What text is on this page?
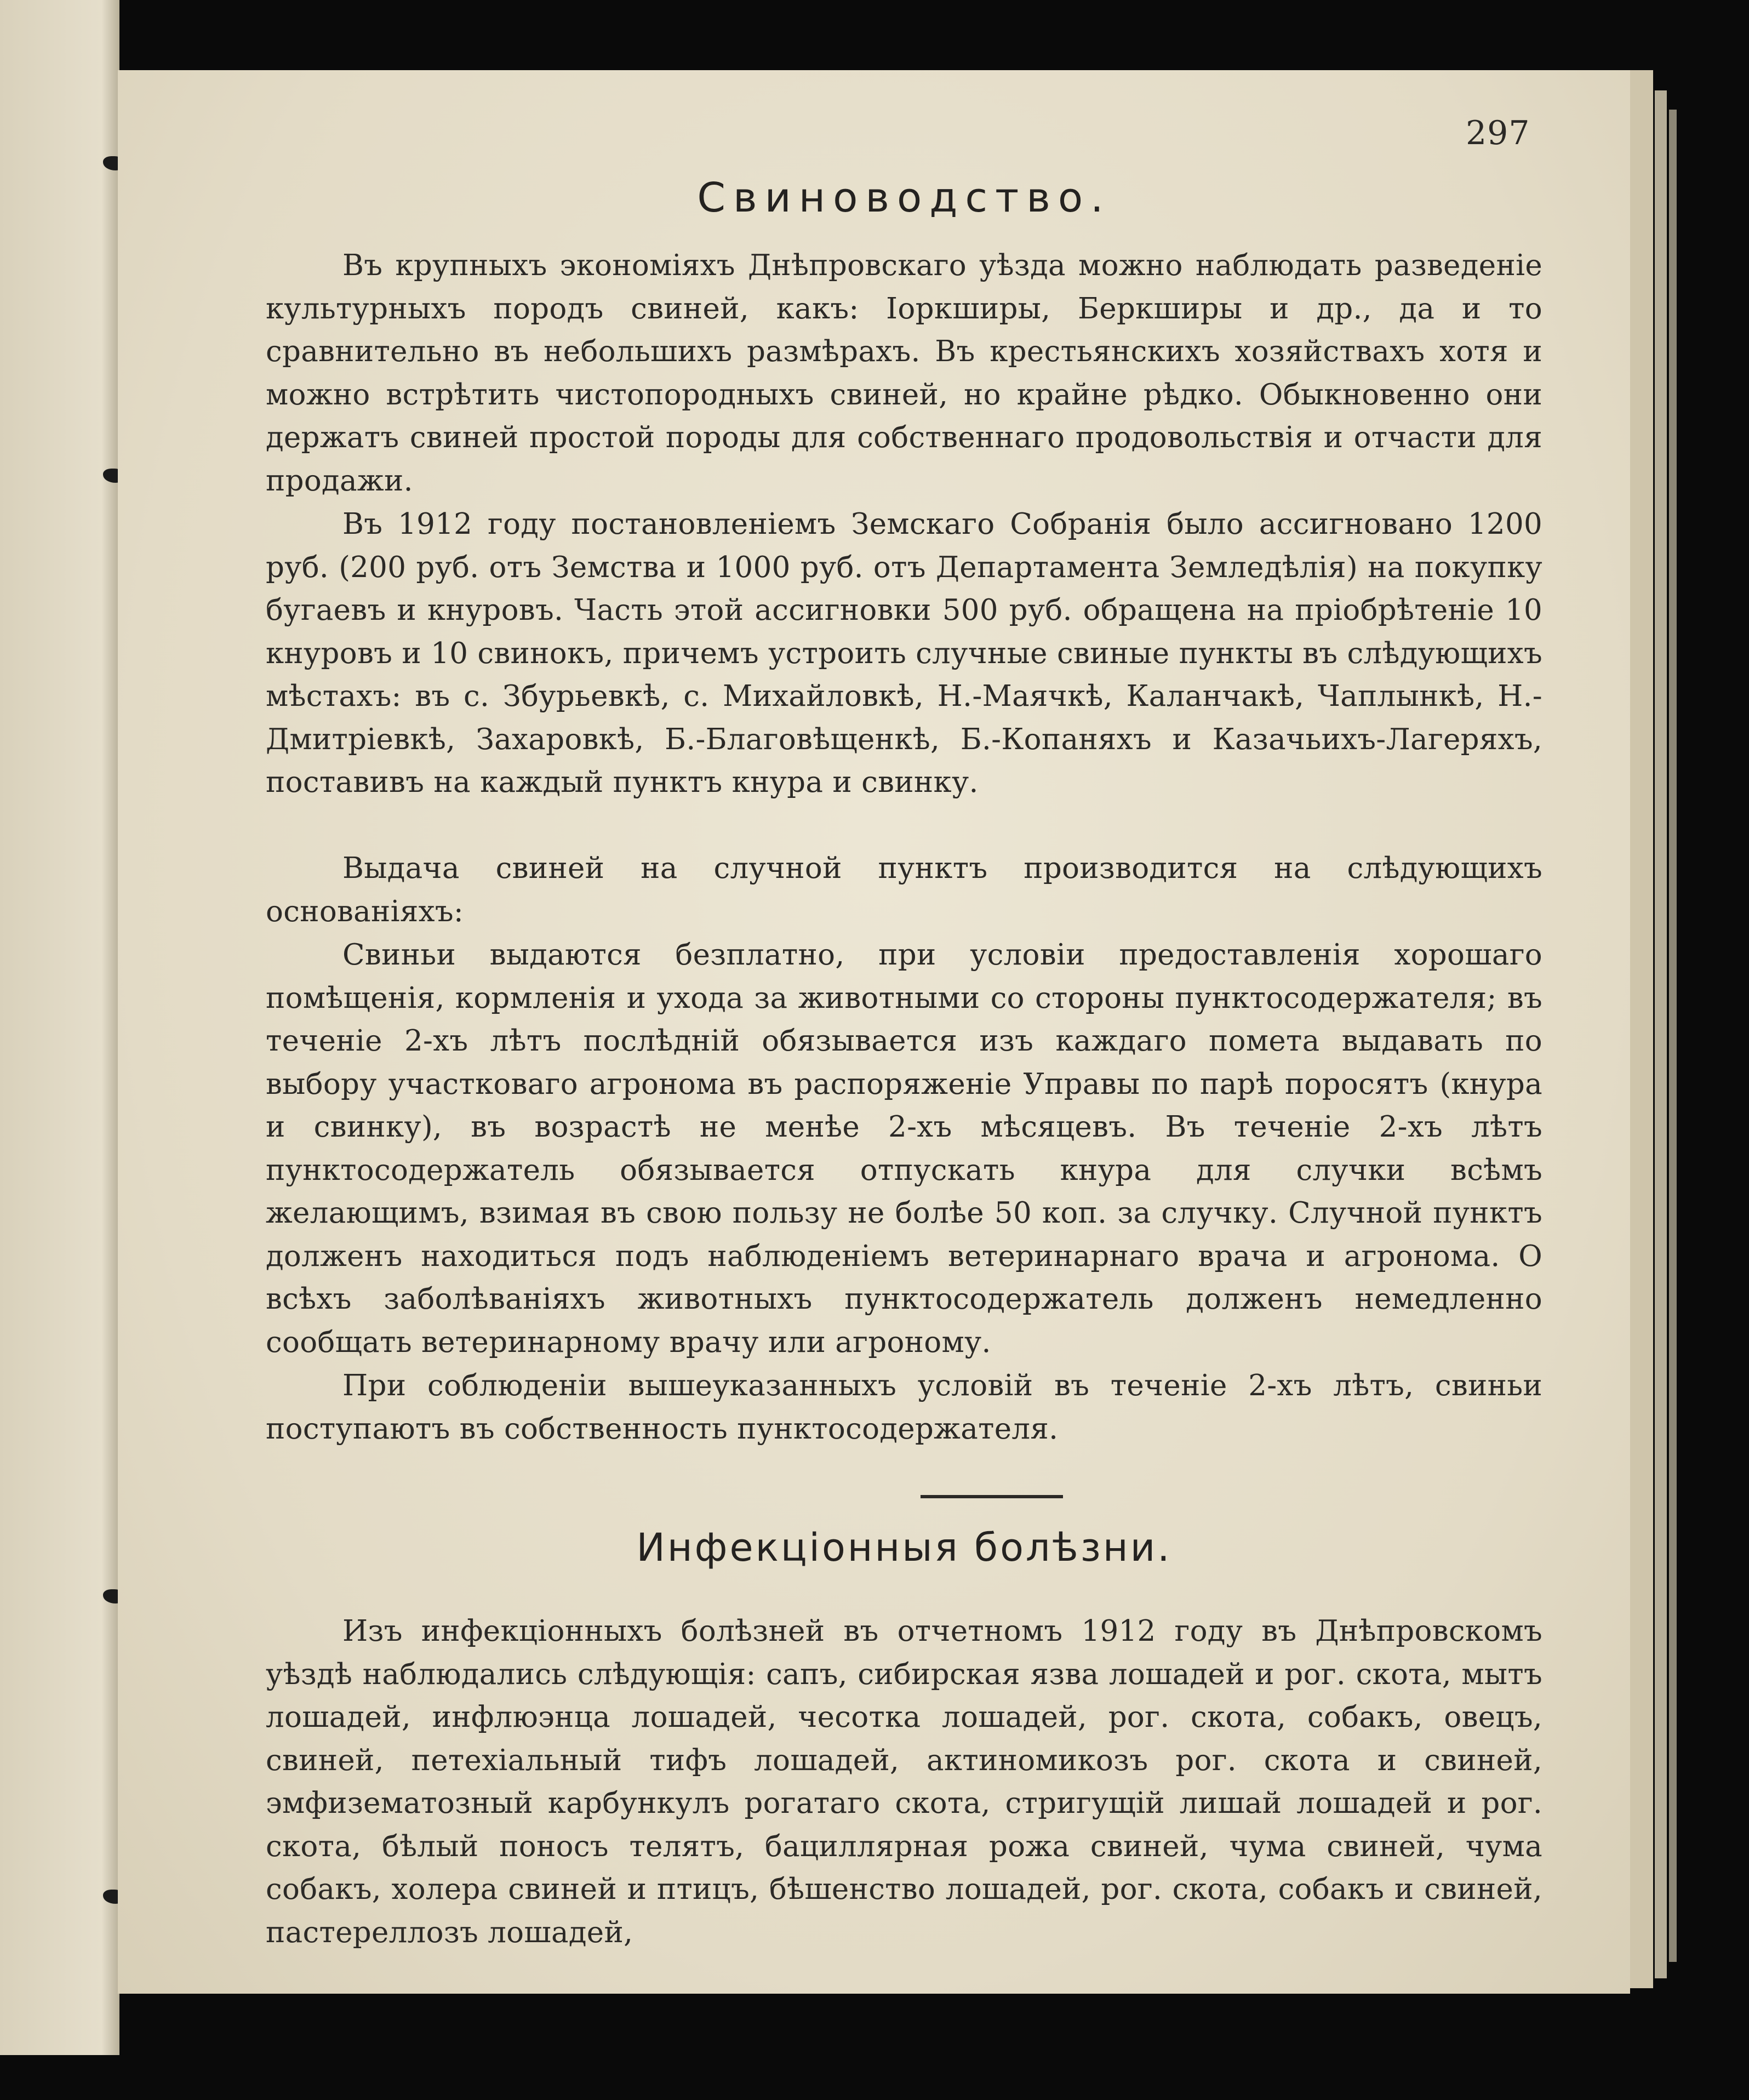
297

Свиноводство.

Въ крупныхъ экономіяхъ Днѣпровскаго уѣзда можно наблюдать разведеніе культурныхъ породъ свиней, какъ: Іоркширы, Беркширы и др., да и то сравнительно въ небольшихъ размѣрахъ. Въ крестьянскихъ хозяйствахъ хотя и можно встрѣтить чистопородныхъ свиней, но крайне рѣдко. Обыкновенно они держатъ свиней простой породы для собственнаго продовольствія и отчасти для продажи.

Въ 1912 году постановленіемъ Земскаго Собранія было ассигновано 1200 руб. (200 руб. отъ Земства и 1000 руб. отъ Департамента Земледѣлія) на покупку бугаевъ и кнуровъ. Часть этой ассигновки 500 руб. обращена на пріобрѣтеніе 10 кнуровъ и 10 свинокъ, причемъ устроить случные свиные пункты въ слѣдующихъ мѣстахъ: въ с. Збурьевкѣ, с. Михайловкѣ, Н.-Маячкѣ, Каланчакѣ, Чаплынкѣ, Н.-Дмитріевкѣ, Захаровкѣ, Б.-Благовѣщенкѣ, Б.-Копаняхъ и Казачьихъ-Лагеряхъ, поставивъ на каждый пунктъ кнура и свинку.

Выдача свиней на случной пунктъ производится на слѣдующихъ основаніяхъ:

Свиньи выдаются безплатно, при условіи предоставленія хорошаго помѣщенія, кормленія и ухода за животными со стороны пунктосодержателя; въ теченіе 2-хъ лѣтъ послѣдній обязывается изъ каждаго помета выдавать по выбору участковаго агронома въ распоряженіе Управы по парѣ поросятъ (кнура и свинку), въ возрастѣ не менѣе 2-хъ мѣсяцевъ. Въ теченіе 2-хъ лѣтъ пунктосодержатель обязывается отпускать кнура для случки всѣмъ желающимъ, взимая въ свою пользу не болѣе 50 коп. за случку. Случной пунктъ долженъ находиться подъ наблюденіемъ ветеринарнаго врача и агронома. О всѣхъ заболѣваніяхъ животныхъ пунктосодержатель долженъ немедленно сообщать ветеринарному врачу или агроному.

При соблюденіи вышеуказанныхъ условій въ теченіе 2-хъ лѣтъ, свиньи поступаютъ въ собственность пунктосодержателя.

Инфекціонныя болѣзни.

Изъ инфекціонныхъ болѣзней въ отчетномъ 1912 году въ Днѣпровскомъ уѣздѣ наблюдались слѣдующія: сапъ, сибирская язва лошадей и рог. скота, мытъ лошадей, инфлюэнца лошадей, чесотка лошадей, рог. скота, собакъ, овецъ, свиней, петехіальный тифъ лошадей, актиномикозъ рог. скота и свиней, эмфизематозный карбункулъ рогатаго скота, стригущій лишай лошадей и рог. скота, бѣлый поносъ телятъ, бациллярная рожа свиней, чума свиней, чума собакъ, холера свиней и птицъ, бѣшенство лошадей, рог. скота, собакъ и свиней, пастереллозъ лошадей,
